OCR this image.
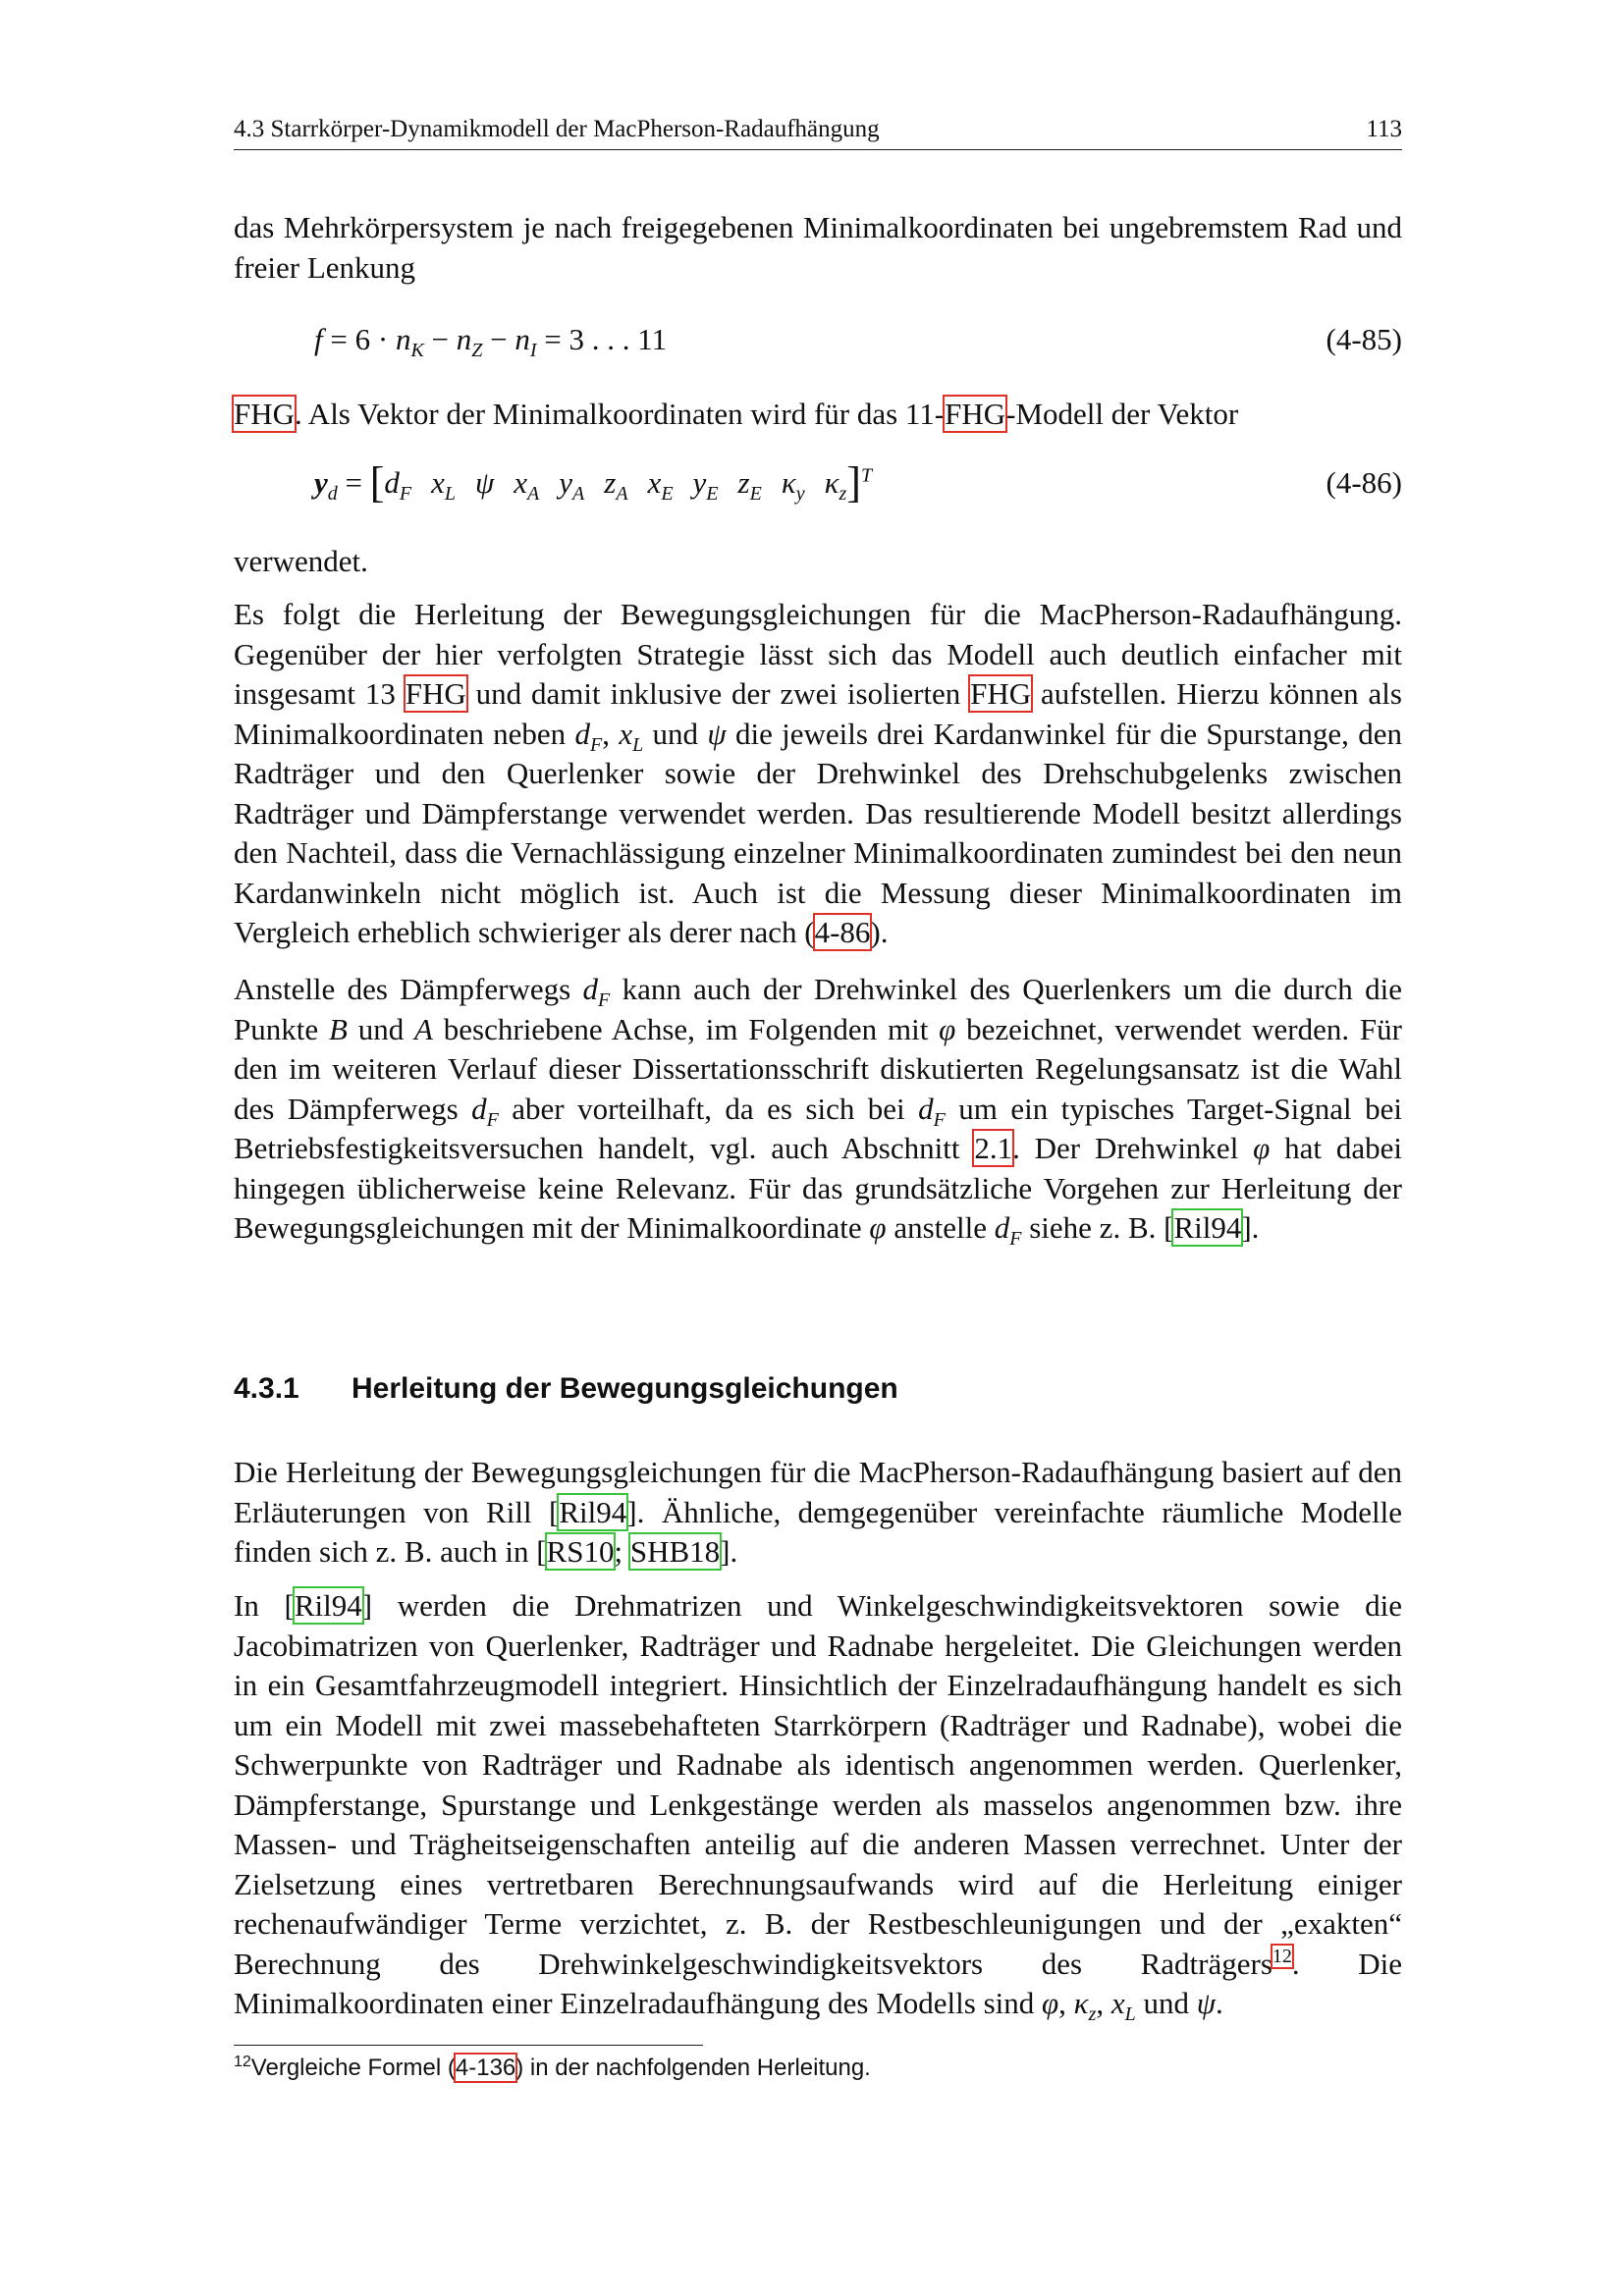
4.3 Starrkörper-Dynamikmodell der MacPherson-Radaufhängung	113

das Mehrkörpersystem je nach freigegebenen Minimalkoordinaten bei ungebremstem Rad und freier Lenkung

$f = 6 \cdot n_K - n_Z - n_I = 3$ . . . 11	(4-85)

FHG. Als Vektor der Minimalkoordinaten wird für das 11-FHG-Modell der Vektor

$y_d = [d_F$ $x_L$ ψ $x_A$ $y_A$ $z_A$ $x_E$ $y_E$ $z_E$ $\kappa_y$ $\kappa_z]^T$	(4-86)

verwendet.

Es folgt die Herleitung der Bewegungsgleichungen für die MacPherson-Radaufhängung. Gegenüber der hier verfolgten Strategie lässt sich das Modell auch deutlich einfacher mit insgesamt 13 FHG und damit inklusive der zwei isolierten FHG aufstellen. Hierzu können als Minimalkoordinaten neben $d_F$, $x_L$ und ψ die jeweils drei Kardanwinkel für die Spurstange, den Radträger und den Querlenker sowie der Drehwinkel des Drehschubgelenks zwischen Radträger und Dämpferstange verwendet werden. Das resultierende Modell besitzt allerdings den Nachteil, dass die Vernachlässigung einzelner Minimalkoordinaten zumindest bei den neun Kardanwinkeln nicht möglich ist. Auch ist die Messung dieser Minimalkoordinaten im Vergleich erheblich schwieriger als derer nach (4-86).

Anstelle des Dämpferwegs $d_F$ kann auch der Drehwinkel des Querlenkers um die durch die Punkte B und A beschriebene Achse, im Folgenden mit φ bezeichnet, verwendet werden. Für den im weiteren Verlauf dieser Dissertationsschrift diskutierten Regelungsansatz ist die Wahl des Dämpferwegs $d_F$ aber vorteilhaft, da es sich bei $d_F$ um ein typisches Target-Signal bei Betriebsfestigkeitsversuchen handelt, vgl. auch Abschnitt 2.1. Der Drehwinkel φ hat dabei hingegen üblicherweise keine Relevanz. Für das grundsätzliche Vorgehen zur Herleitung der Bewegungsgleichungen mit der Minimalkoordinate φ anstelle $d_F$ siehe z. B. [Ril94].

4.3.1 Herleitung der Bewegungsgleichungen

Die Herleitung der Bewegungsgleichungen für die MacPherson-Radaufhängung basiert auf den Erläuterungen von Rill [Ril94]. Ähnliche, demgegenüber vereinfachte räumliche Modelle finden sich z. B. auch in [RS10; SHB18].

In [Ril94] werden die Drehmatrizen und Winkelgeschwindigkeitsvektoren sowie die Jacobimatrizen von Querlenker, Radträger und Radnabe hergeleitet. Die Gleichungen werden in ein Gesamtfahrzeugmodell integriert. Hinsichtlich der Einzelradaufhängung handelt es sich um ein Modell mit zwei massebehafteten Starrkörpern (Radträger und Radnabe), wobei die Schwerpunkte von Radträger und Radnabe als identisch angenommen werden. Querlenker, Dämpferstange, Spurstange und Lenkgestänge werden als masselos angenommen bzw. ihre Massen- und Trägheitseigenschaften anteilig auf die anderen Massen verrechnet. Unter der Zielsetzung eines vertretbaren Berechnungsaufwands wird auf die Herleitung einiger rechenaufwändiger Terme verzichtet, z. B. der Restbeschleunigungen und der „exakten“ Berechnung des Drehwinkelgeschwindigkeitsvektors des Radträgers$^{12}$. Die Minimalkoordinaten einer Einzelradaufhängung des Modells sind φ, $\kappa_z$, $x_L$ und ψ.

$^{12}$Vergleiche Formel (4-136) in der nachfolgenden Herleitung.
